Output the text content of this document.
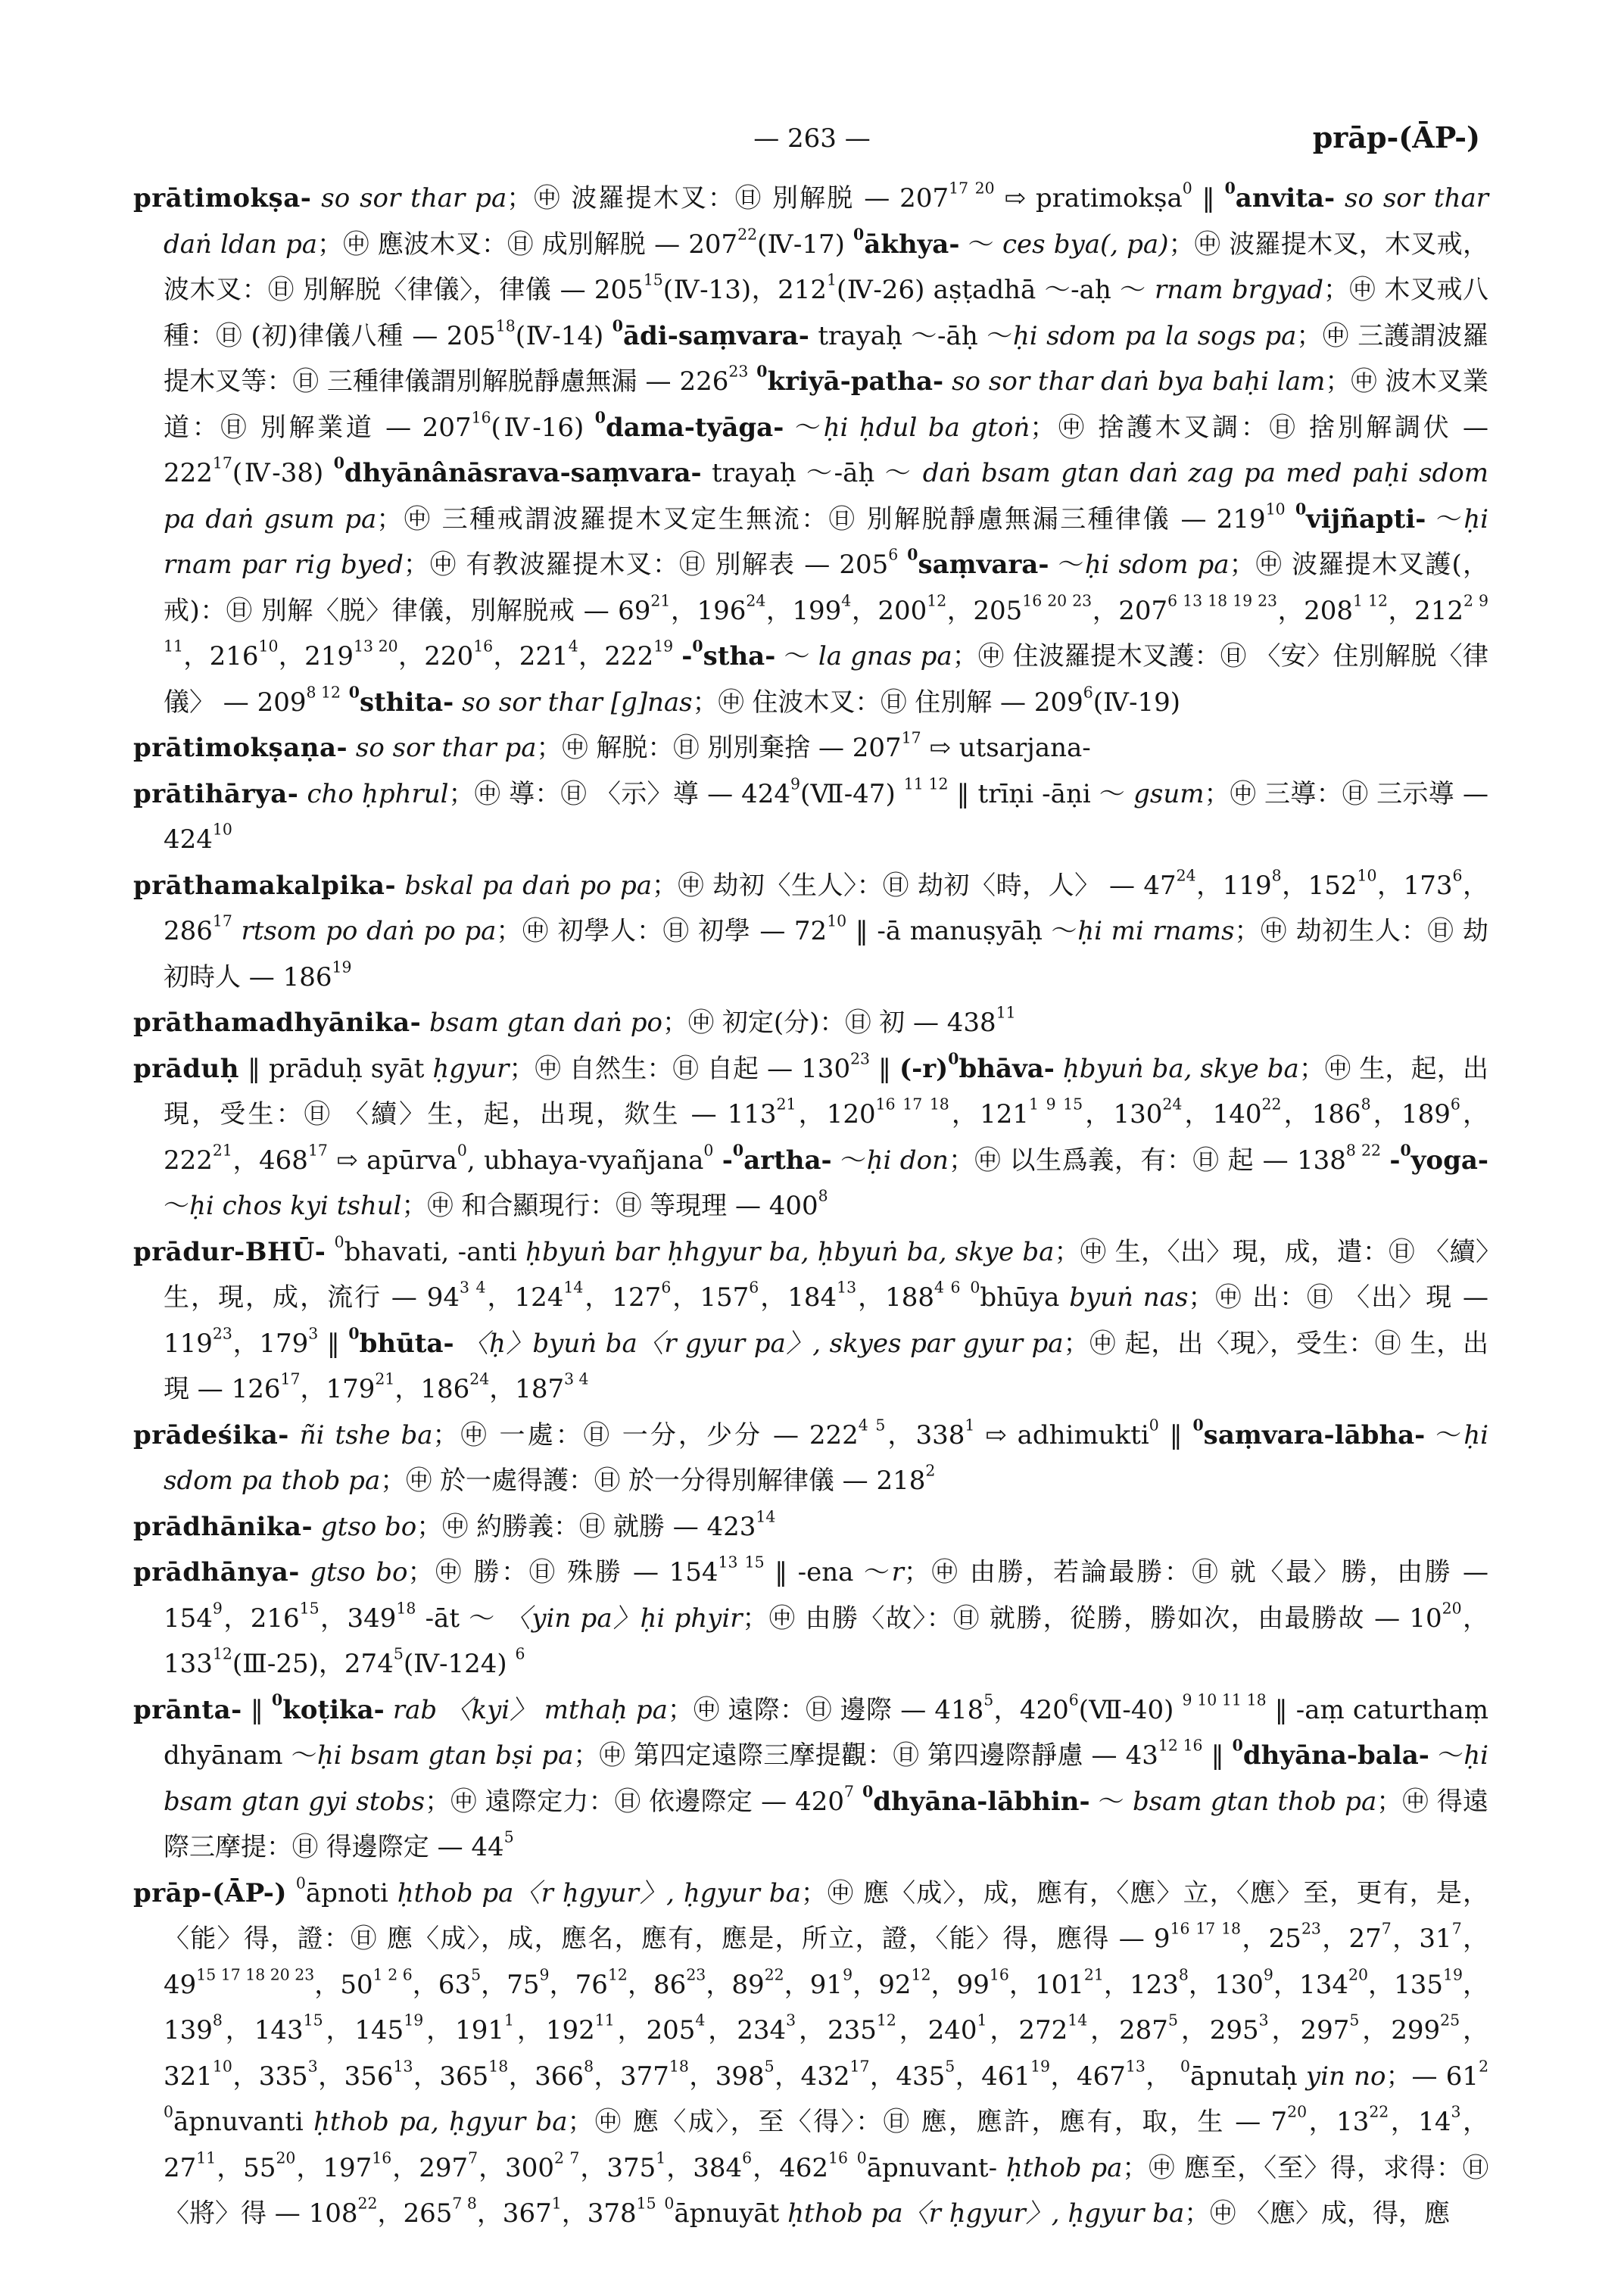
— 263 —	prāp-(ĀP-)

prātimokṣa- so sor thar pa；㊥ 波羅提木叉：㊐ 別解脱 — $207^{17 20}$ ⇨ pratimokṣa$^0$ ‖ $^0$anvita- so sor thar daṅ ldan pa；㊥ 應波木叉：㊐ 成別解脱 — $207^{22}(Ⅳ-17)$ $^0$ākhya- ～ ces bya(, pa)；㊥ 波羅提木叉，木叉戒，波木叉：㊐ 別解脱〈律儀〉，律儀 — $205^{15}(Ⅳ-13)$，$212^1(Ⅳ-26)$ aṣṭadhā ～-aḥ ～ rnam brgyad；㊥ 木叉戒八種：㊐ (初)律儀八種 — $205^{18}(Ⅳ-14)$ $^0$ādi-saṃvara- trayaḥ ～-āḥ ～ḥi sdom pa la sogs pa；㊥ 三護謂波羅提木叉等：㊐ 三種律儀謂別解脱靜慮無漏 — $226^{23}$ $^0$kriyā-patha- so sor thar daṅ bya baḥi lam；㊥ 波木叉業道：㊐ 別解業道 — $207^{16}(Ⅳ-16)$ $^0$dama-tyāga- ～ḥi ḥdul ba gtoṅ；㊥ 捨護木叉調：㊐ 捨別解調伏 — $222^{17}(Ⅳ-38)$ $^0$dhyānânāsrava-saṃvara- trayaḥ ～-āḥ ～ daṅ bsam gtan daṅ zag pa med paḥi sdom pa daṅ gsum pa；㊥ 三種戒謂波羅提木叉定生無流：㊐ 別解脱靜慮無漏三種律儀 — $219^{10}$ $^0$vijñapti- ～ḥi rnam par rig byed；㊥ 有教波羅提木叉：㊐ 別解表 — $205^6$ $^0$saṃvara- ～ḥi sdom pa；㊥ 波羅提木叉護(，戒)：㊐ 別解〈脱〉律儀，別解脱戒 — $69^{21}$，$196^{24}$，$199^4$，$200^{12}$，$205^{16 20 23}$，$207^{6 13 18 19 23}$，$208^{1 12}$，$212^{2 9 11}$，$216^{10}$，$219^{13 20}$，$220^{16}$，$221^4$，$222^{19}$ -$^0$stha- ～ la gnas pa；㊥ 住波羅提木叉護：㊐ 〈安〉住別解脱〈律儀〉 — $209^{8 12}$ $^0$sthita- so sor thar [g]nas；㊥ 住波木叉：㊐ 住別解 — $209^6(Ⅳ-19)$

prātimokṣaṇa- so sor thar pa；㊥ 解脱：㊐ 別別棄捨 — $207^{17}$ ⇨ utsarjana-

prātihārya- cho ḥphrul；㊥ 導：㊐ 〈示〉導 — $424^9(Ⅶ-47)$ $^{11 12}$ ‖ trīṇi -āṇi ～ gsum；㊥ 三導：㊐ 三示導 — $424^{10}$

prāthamakalpika- bskal pa daṅ po pa；㊥ 劫初〈生人〉：㊐ 劫初〈時，人〉 — $47^{24}$，$119^8$，$152^{10}$，$173^6$，$286^{17}$ rtsom po daṅ po pa；㊥ 初學人：㊐ 初學 — $72^{10}$ ‖ -ā manuṣyāḥ ～ḥi mi rnams；㊥ 劫初生人：㊐ 劫初時人 — $186^{19}$

prāthamadhyānika- bsam gtan daṅ po；㊥ 初定(分)：㊐ 初 — $438^{11}$

prāduḥ ‖ prāduḥ syāt ḥgyur；㊥ 自然生：㊐ 自起 — $130^{23}$ ‖ $(-r)^0bhāva-$ ḥbyuṅ ba, skye ba；㊥ 生，起，出現，受生：㊐ 〈續〉生，起，出現，欻生 — $113^{21}$，$120^{16 17 18}$，$121^{1 9 15}$，$130^{24}$，$140^{22}$，$186^8$，$189^6$，$222^{21}$，$468^{17}$ ⇨ apūrva$^0$, ubhaya-vyañjana$^0$ -$^0$artha- ～ḥi don；㊥ 以生爲義，有：㊐ 起 — $138^{8 22}$ -$^0$yoga- ～ḥi chos kyi tshul；㊥ 和合顯現行：㊐ 等現理 — $400^8$

prādur-BHŪ- $^0$bhavati, -anti ḥbyuṅ bar ḥhgyur ba, ḥbyuṅ ba, skye ba；㊥ 生，〈出〉現，成，遣：㊐ 〈續〉生，現，成，流行 — $94^{3 4}$，$124^{14}$，$127^6$，$157^6$，$184^{13}$，$188^{4 6}$ $^0$bhūya byuṅ nas；㊥ 出：㊐ 〈出〉現 — $119^{23}$，$179^3$ ‖ $^0$bhūta- 〈ḥ〉byuṅ ba〈r gyur pa〉, skyes par gyur pa；㊥ 起，出〈現〉，受生：㊐ 生，出現 — $126^{17}$，$179^{21}$，$186^{24}$，$187^{3 4}$

prādeśika- ñi tshe ba；㊥ 一處：㊐ 一分，少分 — $222^{4 5}$，$338^1$ ⇨ adhimukti$^0$ ‖ $^0$saṃvara-lābha- ～ḥi sdom pa thob pa；㊥ 於一處得護：㊐ 於一分得別解律儀 — $218^2$

prādhānika- gtso bo；㊥ 約勝義：㊐ 就勝 — $423^{14}$

prādhānya- gtso bo；㊥ 勝：㊐ 殊勝 — $154^{13 15}$ ‖ -ena ～r；㊥ 由勝，若論最勝：㊐ 就〈最〉勝，由勝 — $154^9$，$216^{15}$，$349^{18}$ -āt ～ 〈yin pa〉ḥi phyir；㊥ 由勝〈故〉：㊐ 就勝，從勝，勝如次，由最勝故 — $10^{20}$，$133^{12}(Ⅲ-25)$，$274^5(Ⅳ-124)$ $^6$

prānta- ‖ $^0$koṭika- rab 〈kyi〉 mthaḥ pa；㊥ 遠際：㊐ 邊際 — $418^5$，$420^6(Ⅶ-40)$ $^{9 10 11 18}$ ‖ -aṃ caturthaṃ dhyānam ～ḥi bsam gtan bṣi pa；㊥ 第四定遠際三摩提觀：㊐ 第四邊際靜慮 — $43^{12 16}$ ‖ $^0$dhyāna-bala- ～ḥi bsam gtan gyi stobs；㊥ 遠際定力：㊐ 依邊際定 — $420^7$ $^0$dhyāna-lābhin- ～ bsam gtan thob pa；㊥ 得遠際三摩提：㊐ 得邊際定 — $44^5$

prāp-(ĀP-) $^0$āpnoti ḥthob pa〈r ḥgyur〉, ḥgyur ba；㊥ 應〈成〉，成，應有，〈應〉立，〈應〉至，更有，是，〈能〉得，證：㊐ 應〈成〉，成，應名，應有，應是，所立，證，〈能〉得，應得 — $9^{16 17 18}$，$25^{23}$，$27^7$，$31^7$，$49^{15 17 18 20 23}$，$50^{1 2 6}$，$63^5$，$75^9$，$76^{12}$，$86^{23}$，$89^{22}$，$91^9$，$92^{12}$，$99^{16}$，$101^{21}$，$123^8$，$130^9$，$134^{20}$，$135^{19}$，$139^8$，$143^{15}$，$145^{19}$，$191^1$，$192^{11}$，$205^4$，$234^3$，$235^{12}$，$240^1$，$272^{14}$，$287^5$，$295^3$，$297^5$，$299^{25}$，$321^{10}$，$335^3$，$356^{13}$，$365^{18}$，$366^8$，$377^{18}$，$398^5$，$432^{17}$，$435^5$，$461^{19}$，$467^{13}$， $^0$āpnutaḥ yin no；— $61^2$ $^0$āpnuvanti ḥthob pa, ḥgyur ba；㊥ 應〈成〉，至〈得〉：㊐ 應，應許，應有，取，生 — $7^{20}$，$13^{22}$，$14^3$，$27^{11}$，$55^{20}$，$197^{16}$，$297^7$，$300^{2 7}$，$375^1$，$384^6$，$462^{16}$ $^0$āpnuvant- ḥthob pa；㊥ 應至，〈至〉得，求得：㊐ 〈將〉得 — $108^{22}$，$265^{7 8}$，$367^1$，$378^{15}$ $^0$āpnuyāt ḥthob pa〈r ḥgyur〉, ḥgyur ba；㊥ 〈應〉成，得，應
